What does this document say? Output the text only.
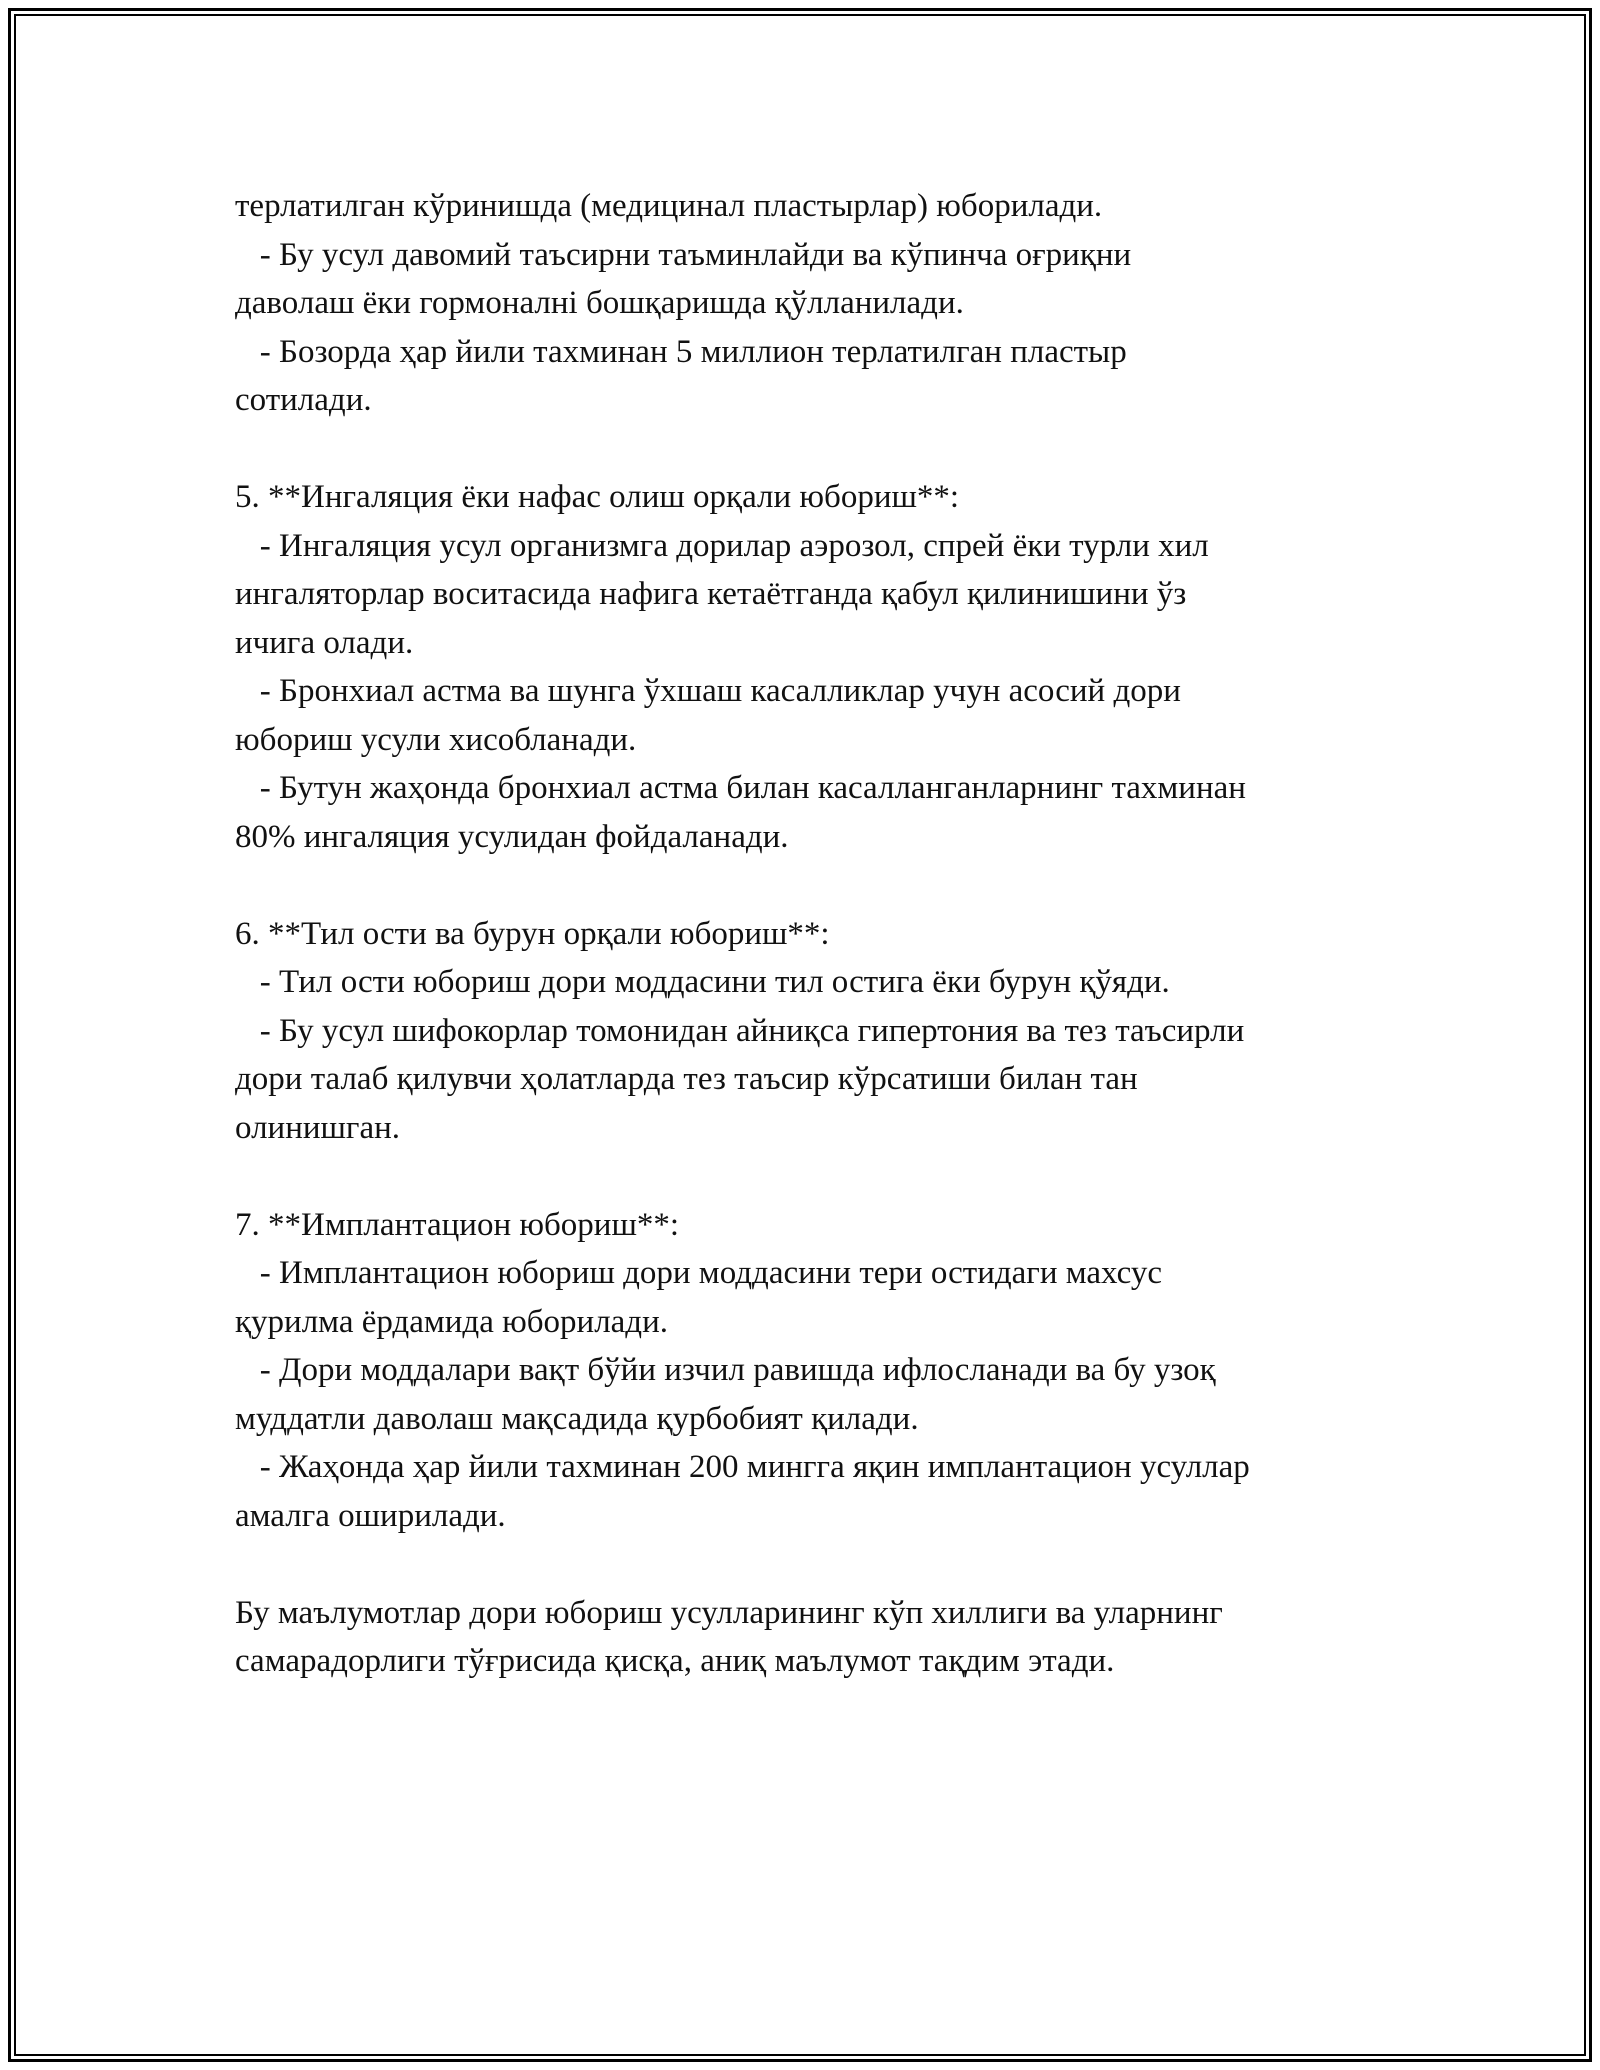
терлатилган кўринишда (медицинал пластырлар) юборилади.
- Бу усул давомий таъсирни таъминлайди ва кўпинча оғриқни
даволаш ёки гормоналнi бошқаришда қўлланилади.
- Бозорда ҳар йили тахминан 5 миллион терлатилган пластыр
сотилади.
5. **Ингаляция ёки нафас олиш орқали юбориш**:
- Ингаляция усул организмга дорилар аэрозол, спрей ёки турли хил
ингаляторлар воситасида нафига кетаётганда қабул қилинишини ўз
ичига олади.
- Бронхиал астма ва шунга ўхшаш касалликлар учун асосий дори
юбориш усули хисобланади.
- Бутун жаҳонда бронхиал астма билан касалланганларнинг тахминан
80% ингаляция усулидан фойдаланади.
6. **Тил ости ва бурун орқали юбориш**:
- Тил ости юбориш дори моддасини тил остига ёки бурун қўяди.
- Бу усул шифокорлар томонидан айниқса гипертония ва тез таъсирли
дори талаб қилувчи ҳолатларда тез таъсир кўрсатиши билан тан
олинишган.
7. **Имплантацион юбориш**:
- Имплантацион юбориш дори моддасини тери остидаги махсус
қурилма ёрдамида юборилади.
- Дори моддалари вақт бўйи изчил равишда ифлосланади ва бу узоқ
муддатли даволаш мақсадида қурбобият қилади.
- Жаҳонда ҳар йили тахминан 200 мингга яқин имплантацион усуллар
амалга оширилади.
Бу маълумотлар дори юбориш усулларининг кўп хиллиги ва уларнинг
самарадорлиги тўғрисида қисқа, аниқ маълумот тақдим этади.
